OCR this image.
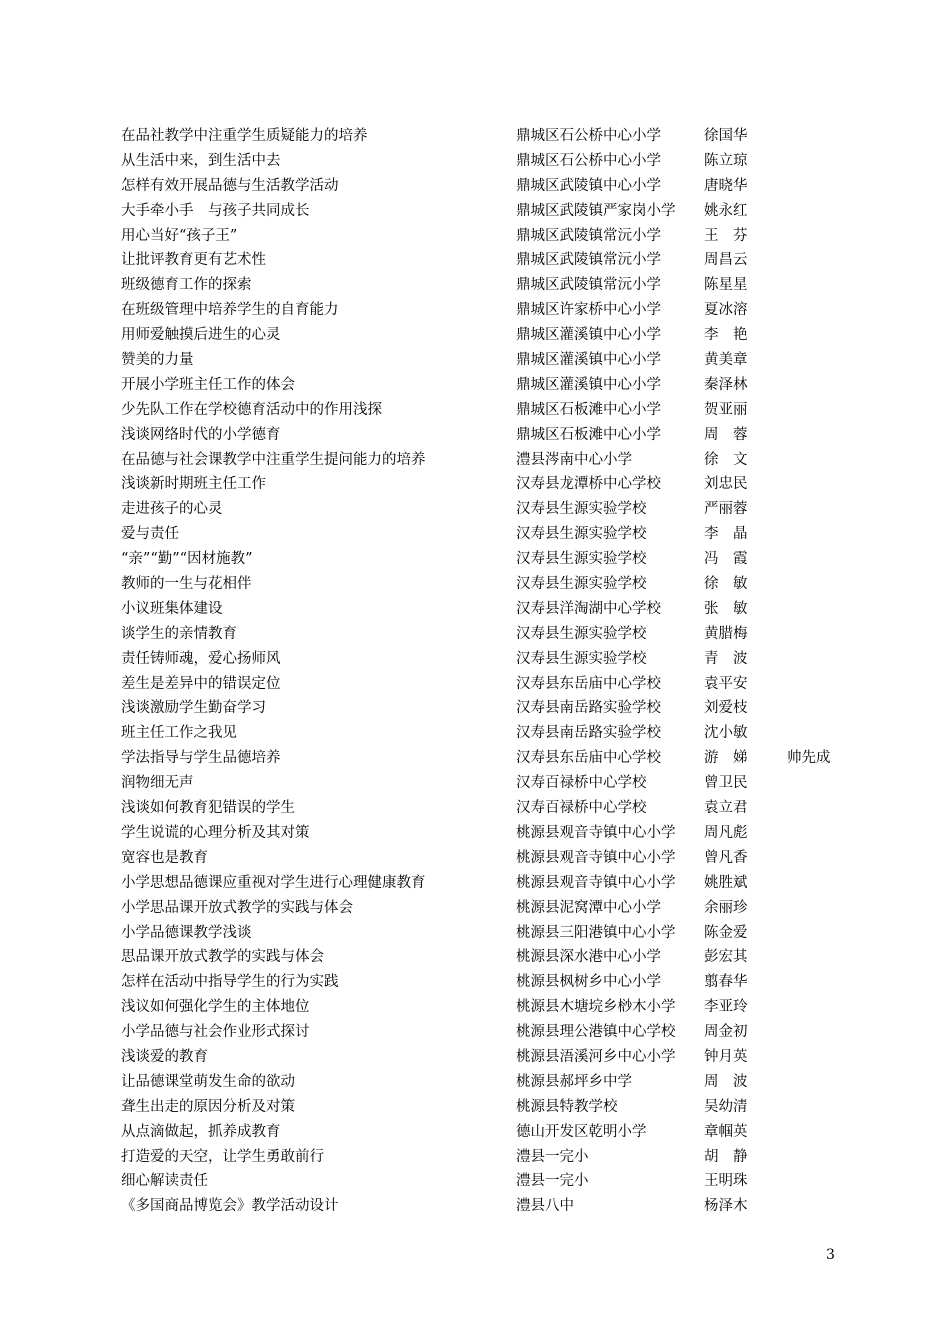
在品社教学中注重学生质疑能力的培养	鼎城区石公桥中心小学	徐国华
从生活中来，到生活中去	鼎城区石公桥中心小学	陈立琼
怎样有效开展品德与生活教学活动	鼎城区武陵镇中心小学	唐晓华
大手牵小手　与孩子共同成长	鼎城区武陵镇严家岗小学 姚永红
用心当好“孩子王”	鼎城区武陵镇常沅小学	王　芬
让批评教育更有艺术性	鼎城区武陵镇常沅小学	周昌云
班级德育工作的探索	鼎城区武陵镇常沅小学	陈星星
在班级管理中培养学生的自育能力	鼎城区许家桥中心小学	夏冰溶
用师爱触摸后进生的心灵	鼎城区灌溪镇中心小学	李　艳
赞美的力量	鼎城区灌溪镇中心小学	黄美章
开展小学班主任工作的体会	鼎城区灌溪镇中心小学	秦泽林
少先队工作在学校德育活动中的作用浅探	鼎城区石板滩中心小学	贺亚丽
浅谈网络时代的小学德育	鼎城区石板滩中心小学	周　蓉
在品德与社会课教学中注重学生提问能力的培养	澧县涔南中心小学	徐　文
浅谈新时期班主任工作	汉寿县龙潭桥中心学校	刘忠民
走进孩子的心灵	汉寿县生源实验学校	严丽蓉
爱与责任	汉寿县生源实验学校	李　晶
“亲”“勤”“因材施教”	汉寿县生源实验学校	冯　霞
教师的一生与花相伴	汉寿县生源实验学校	徐　敏
小议班集体建设	汉寿县洋淘湖中心学校	张　敏
谈学生的亲情教育	汉寿县生源实验学校	黄腊梅
责任铸师魂，爱心扬师风	汉寿县生源实验学校	青　波
差生是差异中的错误定位	汉寿县东岳庙中心学校	袁平安
浅谈激励学生勤奋学习	汉寿县南岳路实验学校	刘爱枝
班主任工作之我见	汉寿县南岳路实验学校	沈小敏
学法指导与学生品德培养	汉寿县东岳庙中心学校	游　娣	帅先成
润物细无声	汉寿百禄桥中心学校	曾卫民
浅谈如何教育犯错误的学生	汉寿百禄桥中心学校	袁立君
学生说谎的心理分析及其对策	桃源县观音寺镇中心小学 周凡彪
宽容也是教育	桃源县观音寺镇中心小学 曾凡香
小学思想品德课应重视对学生进行心理健康教育	桃源县观音寺镇中心小学 姚胜斌
小学思品课开放式教学的实践与体会	桃源县泥窝潭中心小学	余丽珍
小学品德课教学浅谈	桃源县三阳港镇中心小学 陈金爱
思品课开放式教学的实践与体会	桃源县深水港中心小学	彭宏其
怎样在活动中指导学生的行为实践	桃源县枫树乡中心小学	翦春华
浅议如何强化学生的主体地位	桃源县木塘垸乡桫木小学 李亚玲
小学品德与社会作业形式探讨	桃源县理公港镇中心学校 周金初
浅谈爱的教育	桃源县浯溪河乡中心小学 钟月英
让品德课堂萌发生命的欲动	桃源县郝坪乡中学	周　波
聋生出走的原因分析及对策	桃源县特教学校	吴幼清
从点滴做起，抓养成教育	德山开发区乾明小学	章帼英
打造爱的天空，让学生勇敢前行	澧县一完小	胡　静
细心解读责任	澧县一完小	王明珠
《多国商品博览会》教学活动设计	澧县八中	杨泽木
3
